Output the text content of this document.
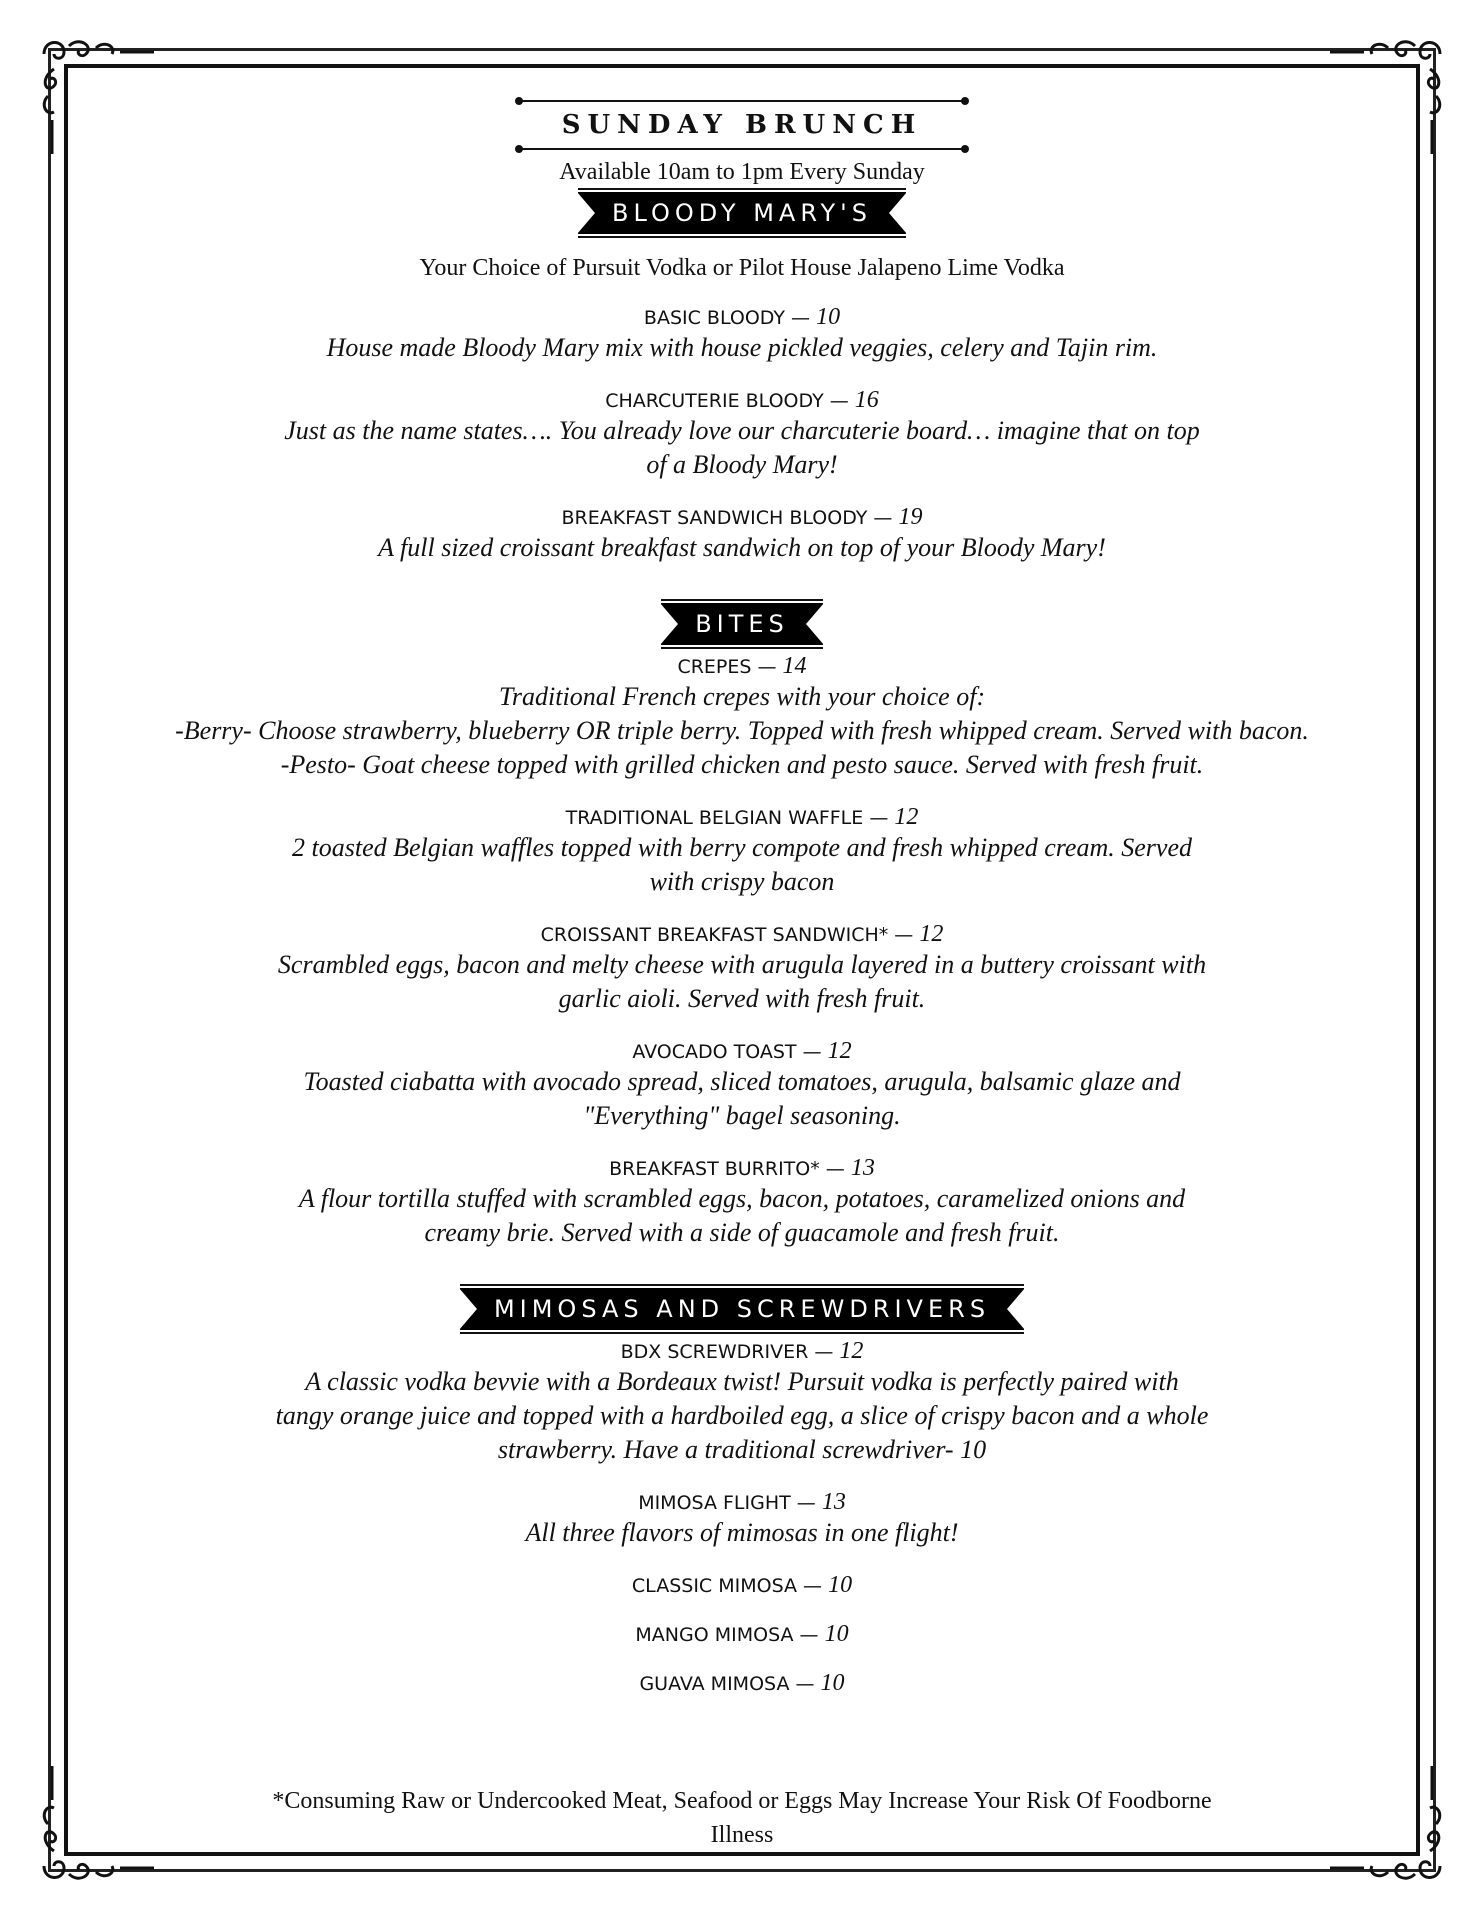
SUNDAY BRUNCH
Available 10am to 1pm Every Sunday
BLOODY MARY'S
Your Choice of Pursuit Vodka or Pilot House Jalapeno Lime Vodka
BASIC BLOODY — 10
House made Bloody Mary mix with house pickled veggies, celery and Tajin rim.
CHARCUTERIE BLOODY — 16
Just as the name states…. You already love our charcuterie board… imagine that on top
of a Bloody Mary!
BREAKFAST SANDWICH BLOODY — 19
A full sized croissant breakfast sandwich on top of your Bloody Mary!
BITES
CREPES — 14
Traditional French crepes with your choice of:
-Berry- Choose strawberry, blueberry OR triple berry. Topped with fresh whipped cream. Served with bacon.
-Pesto- Goat cheese topped with grilled chicken and pesto sauce. Served with fresh fruit.
TRADITIONAL BELGIAN WAFFLE — 12
2 toasted Belgian waffles topped with berry compote and fresh whipped cream. Served
with crispy bacon
CROISSANT BREAKFAST SANDWICH* — 12
Scrambled eggs, bacon and melty cheese with arugula layered in a buttery croissant with
garlic aioli. Served with fresh fruit.
AVOCADO TOAST — 12
Toasted ciabatta with avocado spread, sliced tomatoes, arugula, balsamic glaze and
"Everything" bagel seasoning.
BREAKFAST BURRITO* — 13
A flour tortilla stuffed with scrambled eggs, bacon, potatoes, caramelized onions and
creamy brie. Served with a side of guacamole and fresh fruit.
MIMOSAS AND SCREWDRIVERS
BDX SCREWDRIVER — 12
A classic vodka bevvie with a Bordeaux twist! Pursuit vodka is perfectly paired with
tangy orange juice and topped with a hardboiled egg, a slice of crispy bacon and a whole
strawberry. Have a traditional screwdriver- 10
MIMOSA FLIGHT — 13
All three flavors of mimosas in one flight!
CLASSIC MIMOSA — 10
MANGO MIMOSA — 10
GUAVA MIMOSA — 10
*Consuming Raw or Undercooked Meat, Seafood or Eggs May Increase Your Risk Of Foodborne
Illness
